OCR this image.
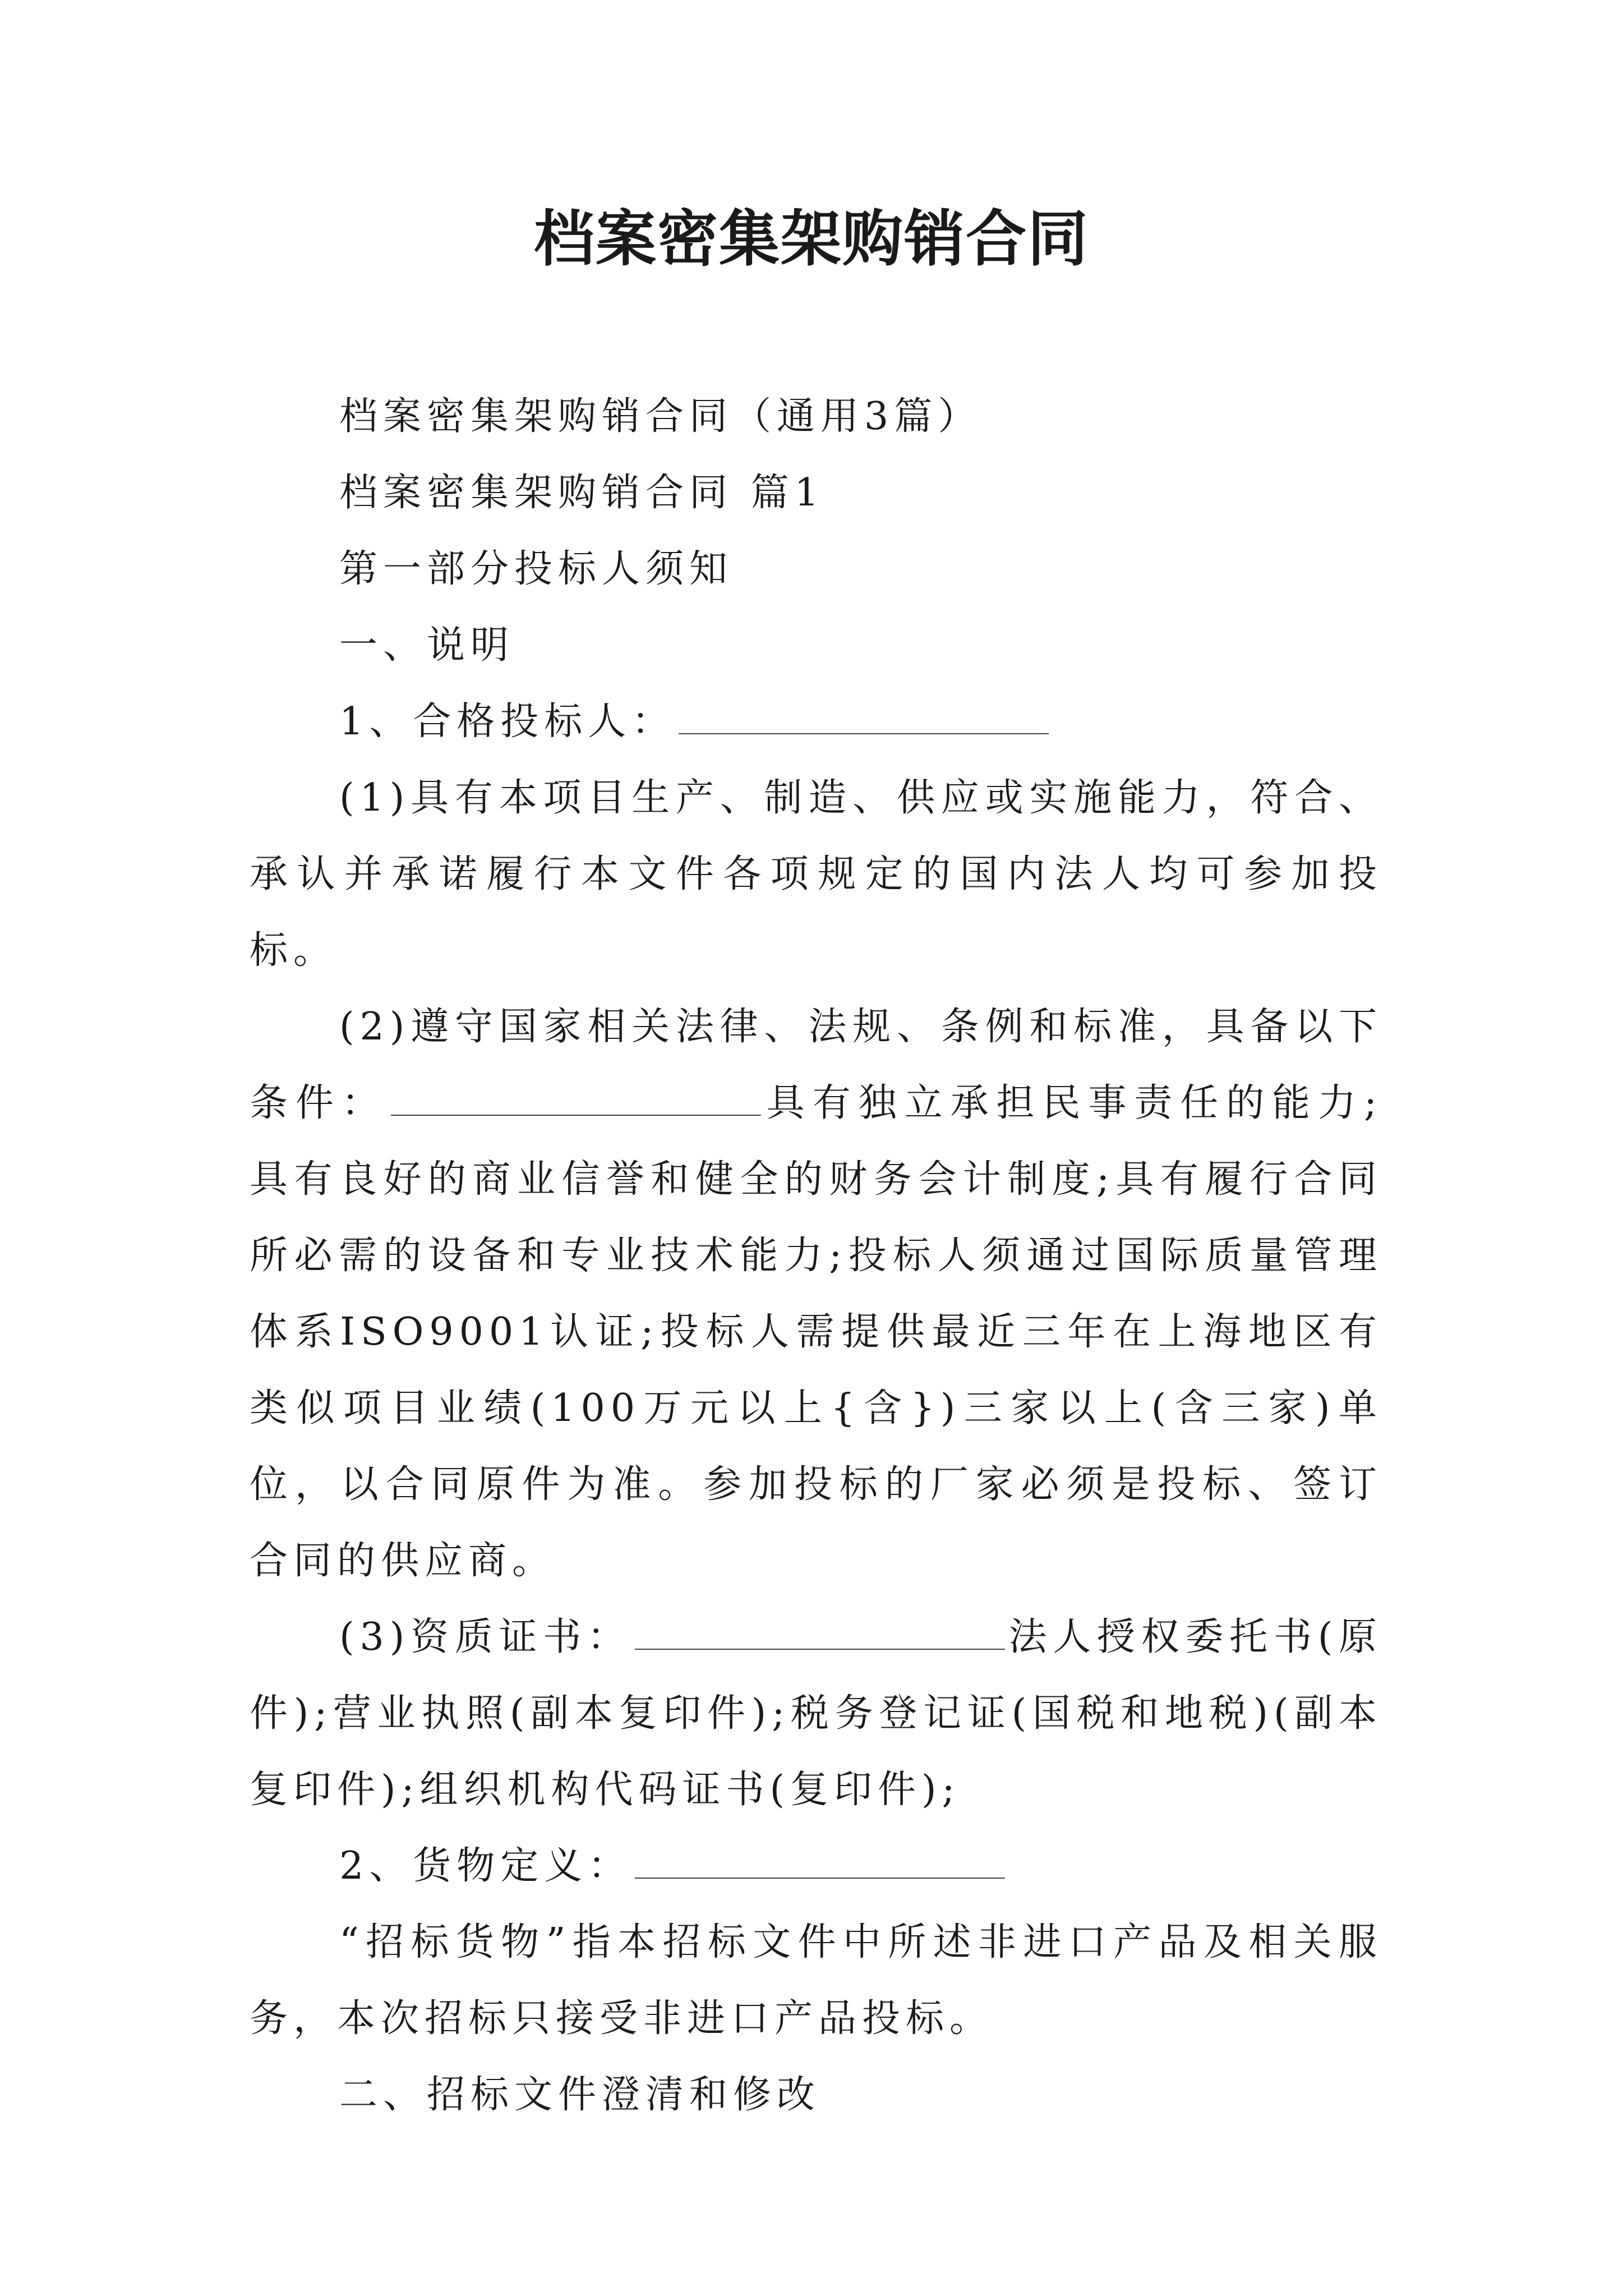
档案密集架购销合同

档案密集架购销合同（通用3篇）

档案密集架购销合同 篇1

第一部分投标人须知

一、说明

1、合格投标人：

(1)具有本项目生产、制造、供应或实施能力，符合、承认并承诺履行本文件各项规定的国内法人均可参加投标。

(2)遵守国家相关法律、法规、条例和标准，具备以下条件：	具有独立承担民事责任的能力;具有良好的商业信誉和健全的财务会计制度;具有履行合同所必需的设备和专业技术能力;投标人须通过国际质量管理体系ISO9001认证;投标人需提供最近三年在上海地区有类似项目业绩(100万元以上{含})三家以上(含三家)单位，以合同原件为准。参加投标的厂家必须是投标、签订合同的供应商。

(3)资质证书：	法人授权委托书(原件);营业执照(副本复印件);税务登记证(国税和地税)(副本复印件);组织机构代码证书(复印件);

2、货物定义：

“招标货物”指本招标文件中所述非进口产品及相关服务，本次招标只接受非进口产品投标。

二、招标文件澄清和修改
